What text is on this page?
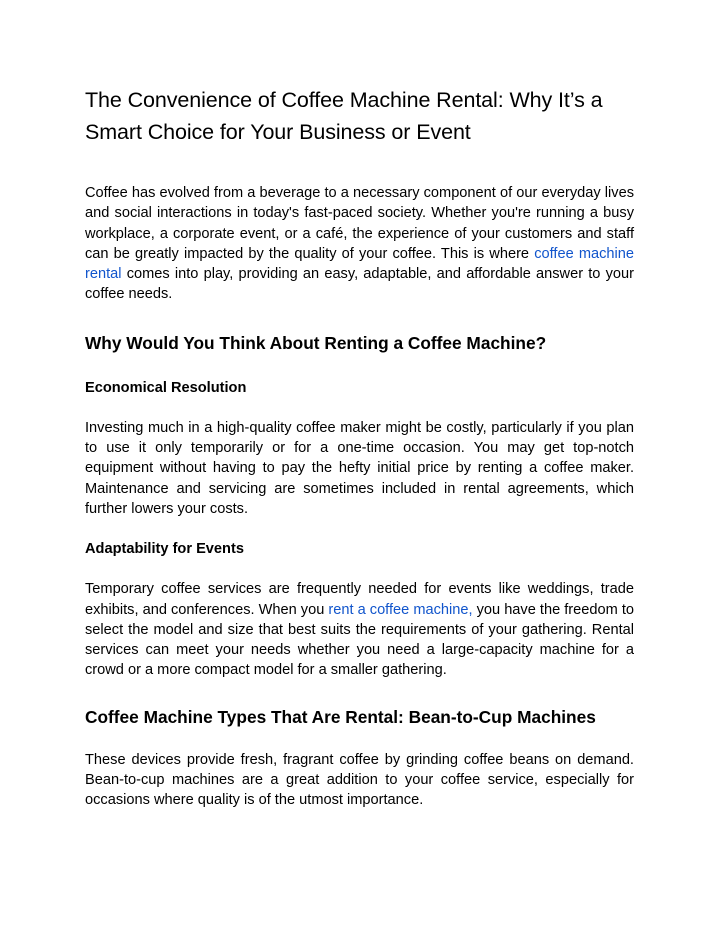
The Convenience of Coffee Machine Rental: Why It’s a Smart Choice for Your Business or Event

Coffee has evolved from a beverage to a necessary component of our everyday lives and social interactions in today's fast-paced society. Whether you're running a busy workplace, a corporate event, or a café, the experience of your customers and staff can be greatly impacted by the quality of your coffee. This is where coffee machine rental comes into play, providing an easy, adaptable, and affordable answer to your coffee needs.

Why Would You Think About Renting a Coffee Machine?
Economical Resolution

Investing much in a high-quality coffee maker might be costly, particularly if you plan to use it only temporarily or for a one-time occasion. You may get top-notch equipment without having to pay the hefty initial price by renting a coffee maker. Maintenance and servicing are sometimes included in rental agreements, which further lowers your costs.

Adaptability for Events

Temporary coffee services are frequently needed for events like weddings, trade exhibits, and conferences. When you rent a coffee machine, you have the freedom to select the model and size that best suits the requirements of your gathering. Rental services can meet your needs whether you need a large-capacity machine for a crowd or a more compact model for a smaller gathering.

Coffee Machine Types That Are Rental: Bean-to-Cup Machines

These devices provide fresh, fragrant coffee by grinding coffee beans on demand. Bean-to-cup machines are a great addition to your coffee service, especially for occasions where quality is of the utmost importance.
